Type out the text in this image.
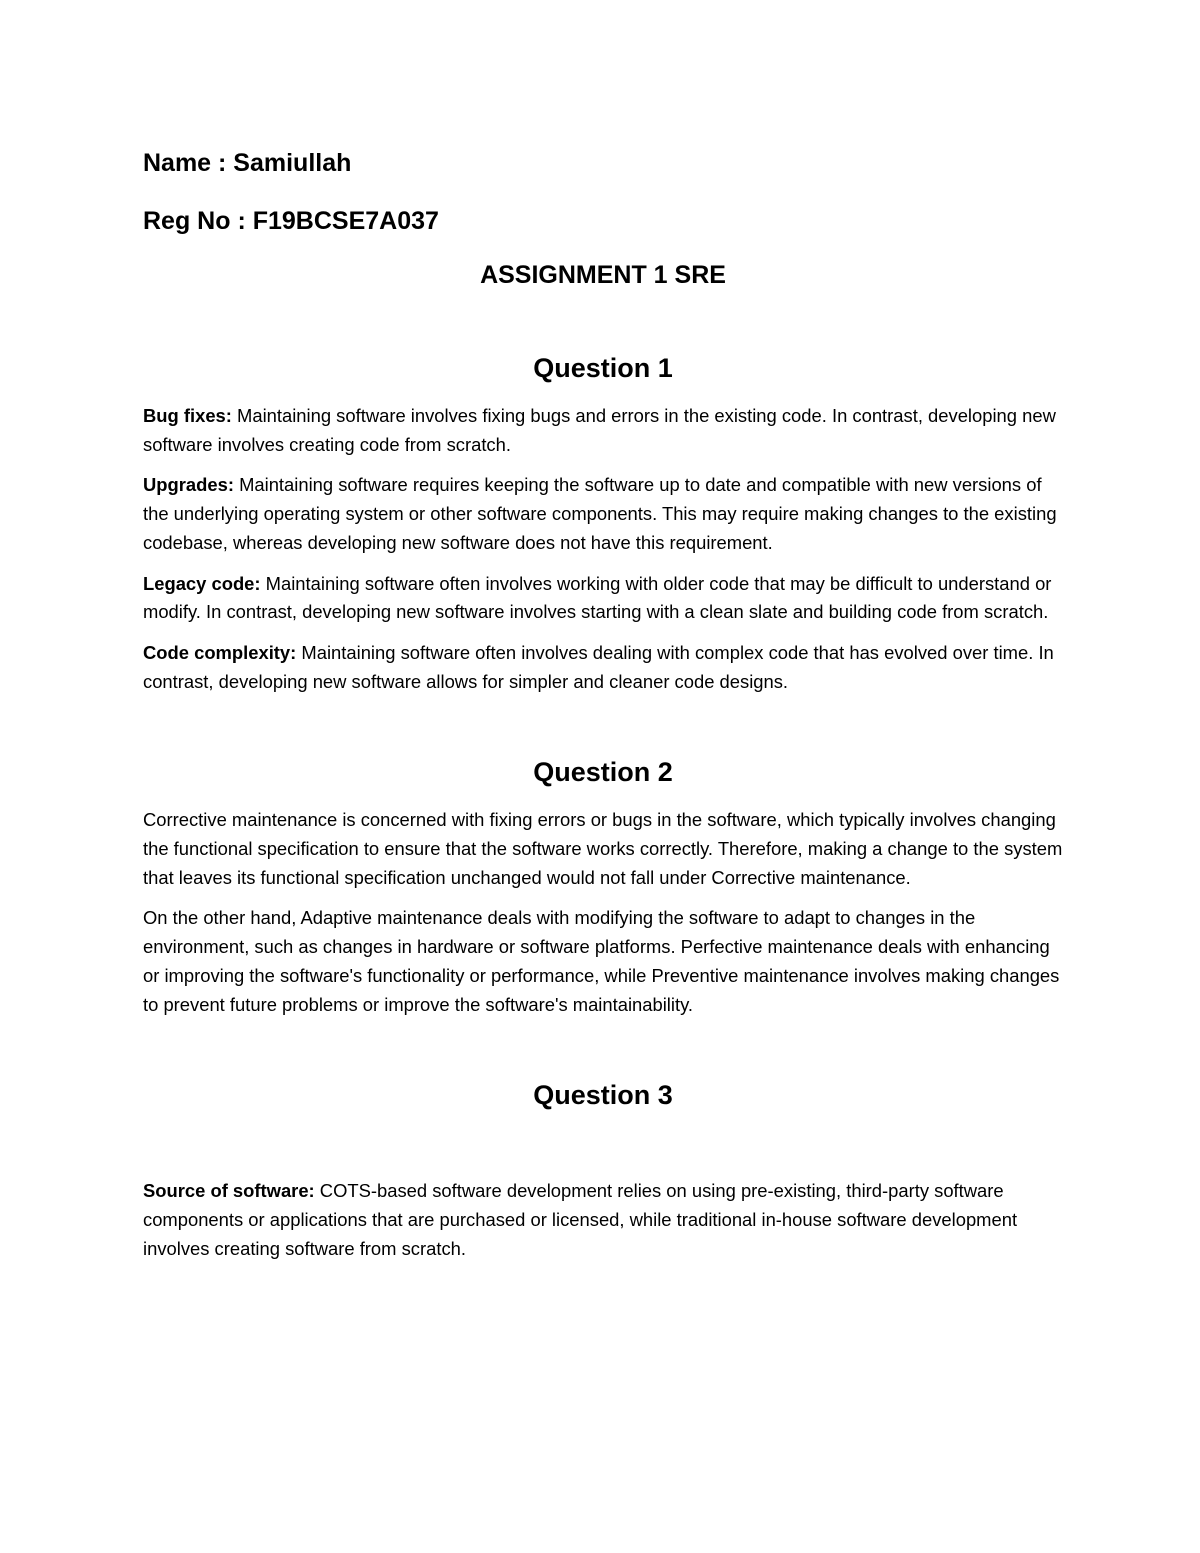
Name : Samiullah

Reg No : F19BCSE7A037

ASSIGNMENT 1 SRE

Question 1

Bug fixes: Maintaining software involves fixing bugs and errors in the existing code. In contrast, developing new software involves creating code from scratch.

Upgrades: Maintaining software requires keeping the software up to date and compatible with new versions of the underlying operating system or other software components. This may require making changes to the existing codebase, whereas developing new software does not have this requirement.

Legacy code: Maintaining software often involves working with older code that may be difficult to understand or modify. In contrast, developing new software involves starting with a clean slate and building code from scratch.

Code complexity: Maintaining software often involves dealing with complex code that has evolved over time. In contrast, developing new software allows for simpler and cleaner code designs.

Question 2

Corrective maintenance is concerned with fixing errors or bugs in the software, which typically involves changing the functional specification to ensure that the software works correctly. Therefore, making a change to the system that leaves its functional specification unchanged would not fall under Corrective maintenance.

On the other hand, Adaptive maintenance deals with modifying the software to adapt to changes in the environment, such as changes in hardware or software platforms. Perfective maintenance deals with enhancing or improving the software's functionality or performance, while Preventive maintenance involves making changes to prevent future problems or improve the software's maintainability.

Question 3

Source of software: COTS-based software development relies on using pre-existing, third-party software components or applications that are purchased or licensed, while traditional in-house software development involves creating software from scratch.
